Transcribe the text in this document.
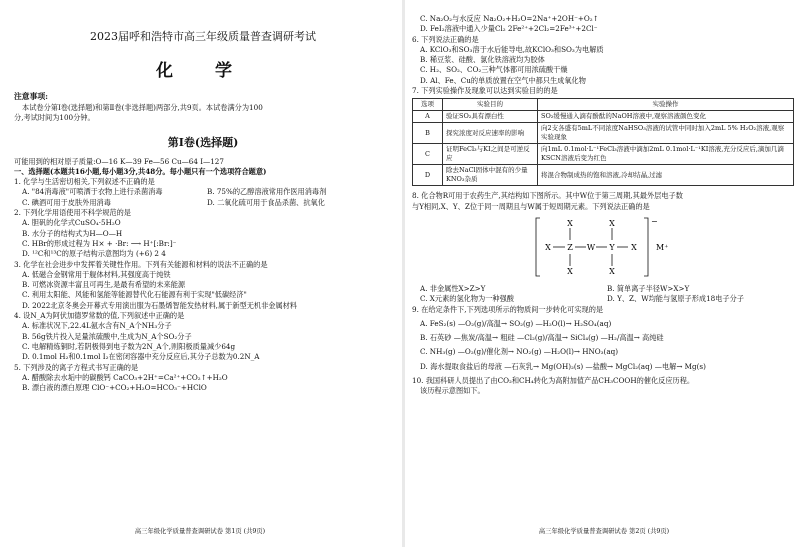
2023届呼和浩特市高三年级质量普查调研考试
化 学
注意事项:
本试卷分第Ⅰ卷(选择题)和第Ⅱ卷(非选择题)两部分,共9页。本试卷满分为100
分,考试时间为100分钟。
第Ⅰ卷(选择题)
可能用到的相对原子质量:O—16 K—39 Fe—56 Cu—64 I—127
一、选择题(本题共16小题,每小题3分,共48分。每小题只有一个选项符合题意)
1. 化学与生活密切相关,下列叙述不正确的是
A. "84消毒液"可喷洒于衣物上进行杀菌消毒	B. 75%的乙醇溶液常用作医用消毒剂
C. 碘酒可用于皮肤外用消毒	D. 二氧化硫可用于食品杀菌、抗氧化
2. 下列化学用语使用不科学规范的是
A. 胆矾的化学式CuSO₄·5H₂O
B. 水分子的结构式为H—O—H
C. HBr的形成过程为 H× + ·Br: ⟶ H⁺[:Br:]⁻
D. ¹²C和¹³C的原子结构示意图均为 (+6) 2 4
3. 化学在社会进步中发挥着关键性作用。下列有关能源和材料的说法不正确的是
A. 低磁合金钢常用于舰体材料,其强度高于纯铁
B. 可燃冰资源丰富且可再生,是最有希望的未来能源
C. 利用太阳能、风能和氢能等能源替代化石能源有利于实现"低碳经济"
D. 2022北京冬奥会开幕式专用演出服为石墨烯智能发热材料,属于新型无机非金属材料
4. 设N_A为阿伏加德罗常数的值,下列叙述中正确的是
A. 标准状况下,22.4L氨水含有N_A个NH₃分子
B. 56g铁片投入足量浓硫酸中,生成为N_A个SO₂分子
C. 电解精炼铜时,若阴极得到电子数为2N_A个,则阳极质量减少64g
D. 0.1mol H₂和0.1mol I₂在密闭容器中充分反应后,其分子总数为0.2N_A
5. 下列涉及的离子方程式书写正确的是
A. 醋酸除去水垢中的碳酸钙 CaCO₃+2H⁺=Ca²⁺+CO₂↑+H₂O
B. 漂白液的漂白原理 ClO⁻+CO₂+H₂O=HCO₃⁻+HClO
高三年级化学质量普查调研试卷 第1页 (共9页)
C. Na₂O₂与水反应 Na₂O₂+H₂O=2Na⁺+2OH⁻+O₂↑
D. FeI₂溶液中通入少量Cl₂ 2Fe²⁺+2Cl₂=2Fe³⁺+2Cl⁻
6. 下列说法正确的是
A. KClO₃和SO₃溶于水后能导电,故KClO₃和SO₃为电解质
B. 稀豆浆、硅酸、氯化铁溶液均为胶体
C. H₂、SO₂、CO₂三种气体都可用浓硫酸干燥
D. Al、Fe、Cu的单质放置在空气中都只生成氧化物
7. 下列实验操作及现象可以达到实验目的的是
选项	实验目的	实验操作
A	验证SO₂具有漂白性	SO₂缓慢通入滴有酚酞的NaOH溶液中,观察溶液颜色变化
B	探究浓度对反应速率的影响	向2支各盛有5mL不同浓度NaHSO₃溶液的试管中同时加入2mL 5% H₂O₂溶液,观察实验现象
C	证明FeCl₃与KI之间是可逆反应	向1mL 0.1mol·L⁻¹FeCl₃溶液中滴加2mL 0.1mol·L⁻¹KI溶液,充分反应后,滴加几滴KSCN溶液后变为红色
D	除去NaCl固体中混有的少量KNO₃杂质	将混合物制成热的饱和溶液,冷却结晶,过滤
8. 化合物R可用于农药生产,其结构如下图所示。其中W位于第三周期,其最外层电子数
与Y相同,X、Y、Z位于同一周期且与W属于短周期元素。下列说法正确的是
X	X
X	X
X Z W Y X
−
M⁺
A. 非金属性X>Z>Y	B. 简单离子半径W>X>Y
C. X元素的氢化物为一种强酸	D. Y、Z、W均能与氢原子形成18电子分子
9. 在给定条件下,下列选项所示的物质间一步转化可实现的是
A. FeS₂(s) —O₂(g)/高温→ SO₂(g) —H₂O(l)→ H₂SO₄(aq)
B. 石英砂 —焦炭/高温→ 粗硅 —Cl₂(g)/高温→ SiCl₄(g) —H₂/高温→ 高纯硅
C. NH₃(g) —O₂(g)/催化剂→ NO₂(g) —H₂O(l)→ HNO₃(aq)
D. 海水提取食盐后的母液 —石灰乳→ Mg(OH)₂(s) —盐酸→ MgCl₂(aq) —电解→ Mg(s)
10. 我国科研人员提出了由CO₂和CH₄转化为高附加值产品CH₃COOH的催化反应历程。
该历程示意图如下。
高三年级化学质量普查调研试卷 第2页 (共9页)
